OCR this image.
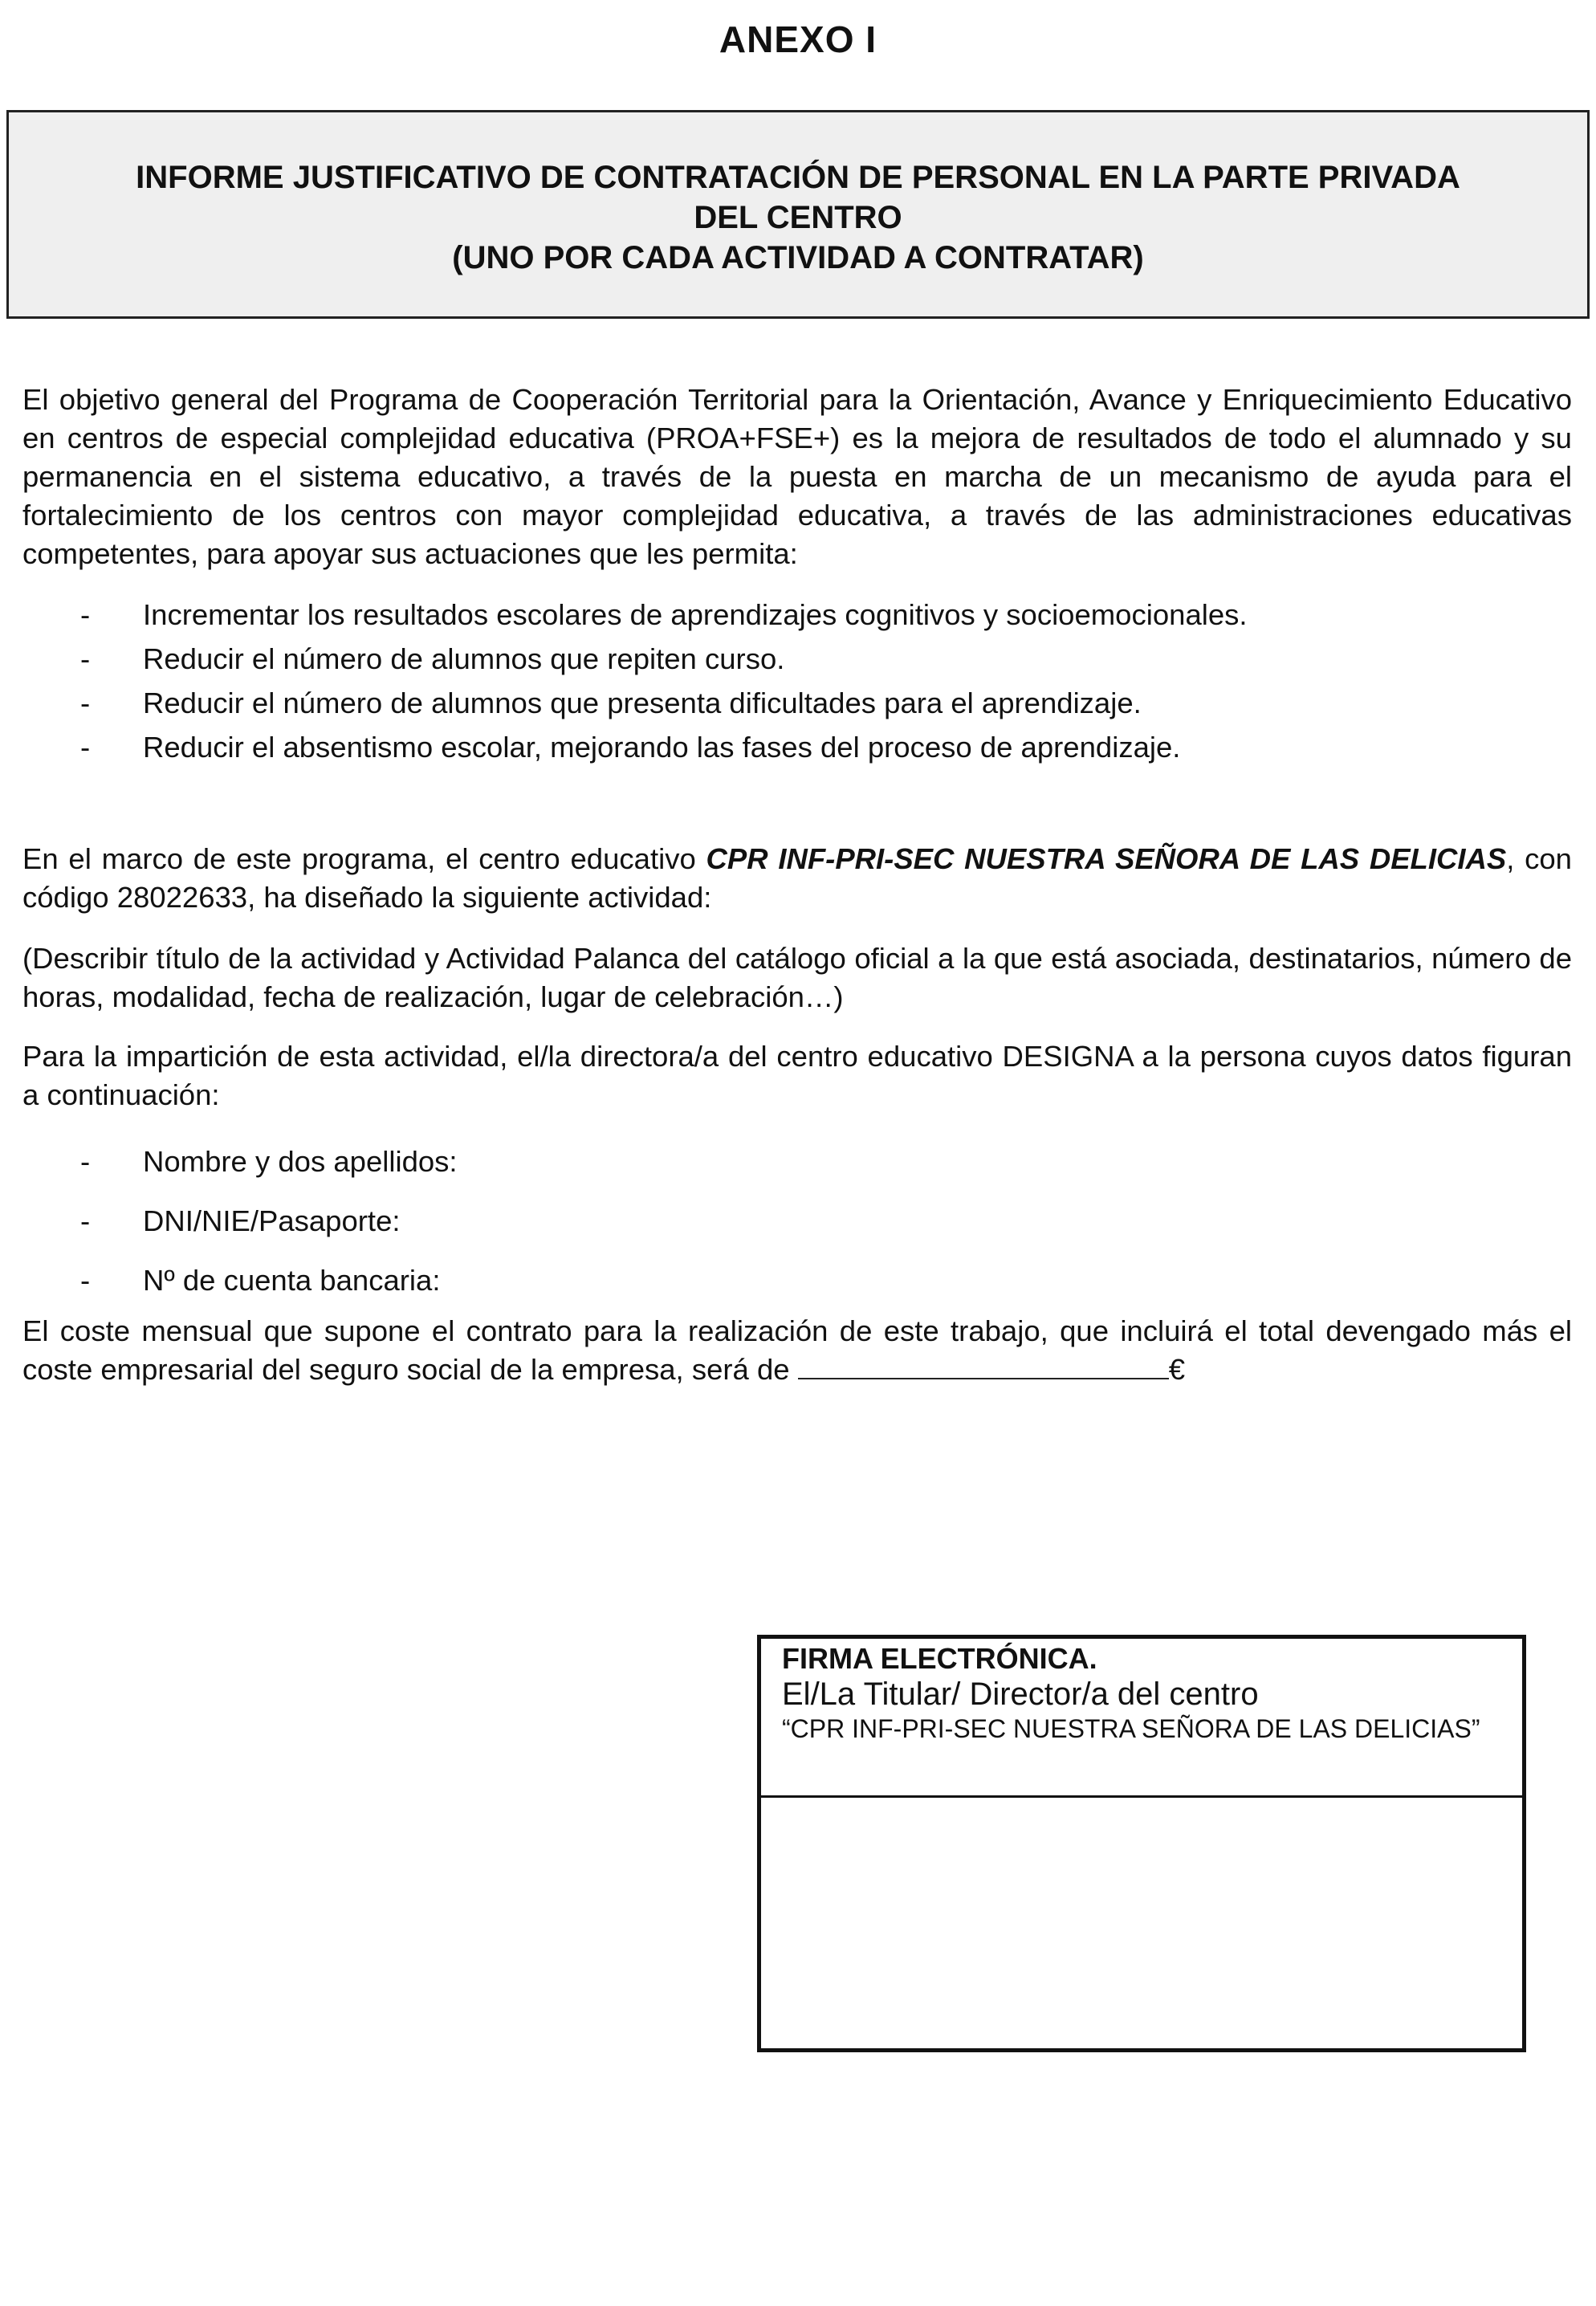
ANEXO I
INFORME JUSTIFICATIVO DE CONTRATACIÓN DE PERSONAL EN LA PARTE PRIVADA
DEL CENTRO
(UNO POR CADA ACTIVIDAD A CONTRATAR)

El objetivo general del Programa de Cooperación Territorial para la Orientación, Avance y Enriquecimiento Educativo en centros de especial complejidad educativa (PROA+FSE+) es la mejora de resultados de todo el alumnado y su permanencia en el sistema educativo, a través de la puesta en marcha de un mecanismo de ayuda para el fortalecimiento de los centros con mayor complejidad educativa, a través de las administraciones educativas competentes, para apoyar sus actuaciones que les permita:

- Incrementar los resultados escolares de aprendizajes cognitivos y socioemocionales.
- Reducir el número de alumnos que repiten curso.
- Reducir el número de alumnos que presenta dificultades para el aprendizaje.
- Reducir el absentismo escolar, mejorando las fases del proceso de aprendizaje.

En el marco de este programa, el centro educativo CPR INF-PRI-SEC NUESTRA SEÑORA DE LAS DELICIAS, con código 28022633, ha diseñado la siguiente actividad:

(Describir título de la actividad y Actividad Palanca del catálogo oficial a la que está asociada, destinatarios, número de horas, modalidad, fecha de realización, lugar de celebración…)

Para la impartición de esta actividad, el/la directora/a del centro educativo DESIGNA a la persona cuyos datos figuran a continuación:

- Nombre y dos apellidos:
- DNI/NIE/Pasaporte:
- Nº de cuenta bancaria:

El coste mensual que supone el contrato para la realización de este trabajo, que incluirá el total devengado más el coste empresarial del seguro social de la empresa, será de	€

FIRMA ELECTRÓNICA.
El/La Titular/ Director/a del centro
“CPR INF-PRI-SEC NUESTRA SEÑORA DE LAS DELICIAS”
